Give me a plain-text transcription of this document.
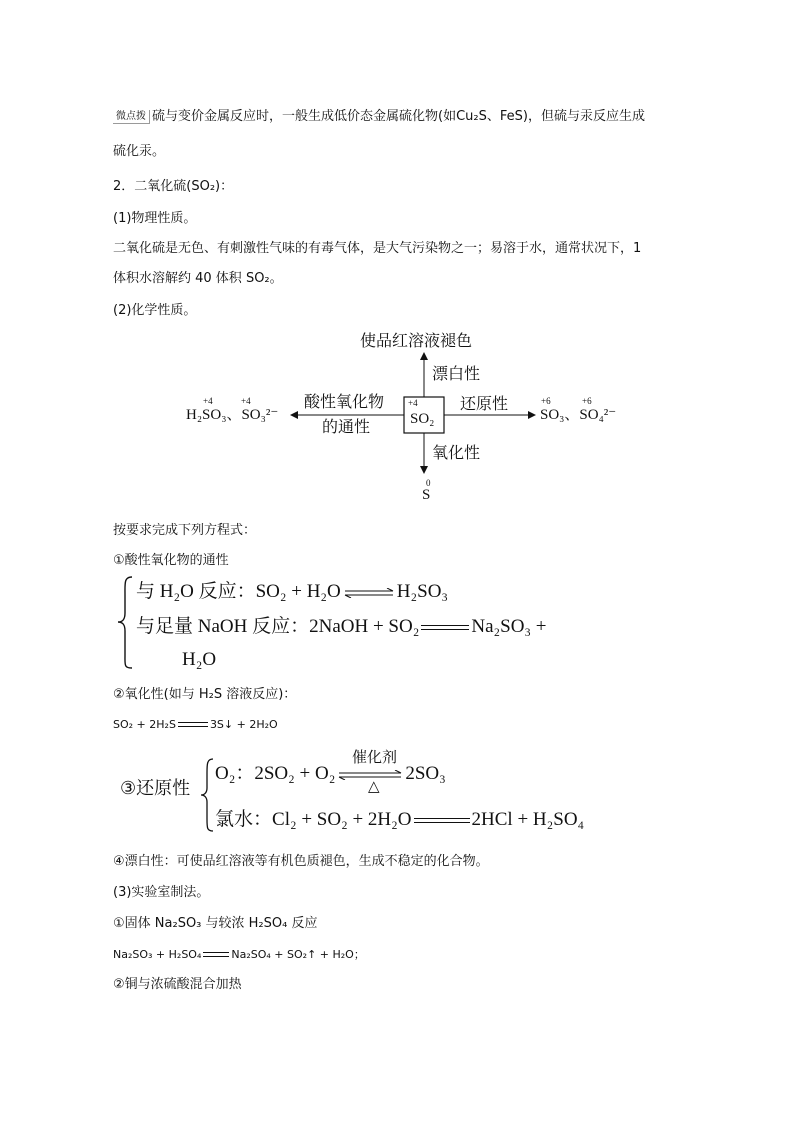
微点拨 硫与变价金属反应时，一般生成低价态金属硫化物(如Cu₂S、FeS)，但硫与汞反应生成
硫化汞。
2．二氧化硫(SO₂)：
(1)物理性质。
二氧化硫是无色、有刺激性气味的有毒气体，是大气污染物之一；易溶于水，通常状况下，1
体积水溶解约 40 体积 SO₂。
(2)化学性质。
使品红溶液褪色
漂白性
酸性氧化物
的通性
还原性
氧化性
+4
SO₂
+4	+4
H₂SO₃、SO₃²⁻
+6	+6
SO₃、SO₄²⁻
0
S
按要求完成下列方程式：
①酸性氧化物的通性
与 H₂O 反应：SO₂ + H₂O ⇌ H₂SO₃
与足量 NaOH 反应：2NaOH + SO₂	Na₂SO₃ +
H₂O
②氧化性(如与 H₂S 溶液反应)：
SO₂ + 2H₂S	3S↓ + 2H₂O
③还原性
催化剂
△
O₂：2SO₂ + O₂ ⇌ 2SO₃
氯水：Cl₂ + SO₂ + 2H₂O	2HCl + H₂SO₄
④漂白性：可使品红溶液等有机色质褪色，生成不稳定的化合物。
(3)实验室制法。
①固体 Na₂SO₃ 与较浓 H₂SO₄ 反应
Na₂SO₃ + H₂SO₄	Na₂SO₄ + SO₂↑ + H₂O；
②铜与浓硫酸混合加热
